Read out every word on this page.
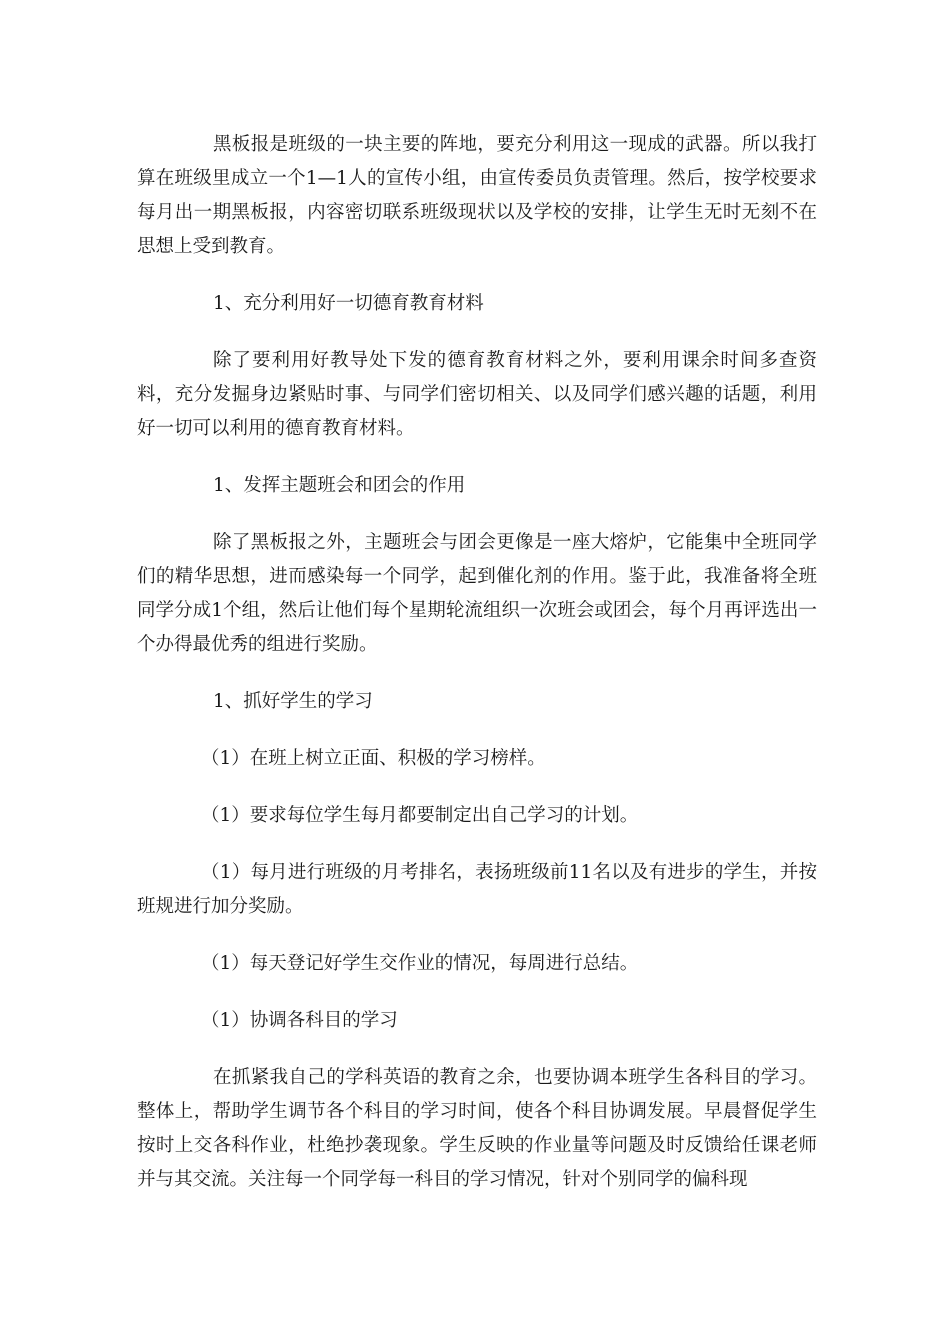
黑板报是班级的一块主要的阵地，要充分利用这一现成的武器。所以我打算在班级里成立一个1—1人的宣传小组，由宣传委员负责管理。然后，按学校要求每月出一期黑板报，内容密切联系班级现状以及学校的安排，让学生无时无刻不在思想上受到教育。

1、充分利用好一切德育教育材料

除了要利用好教导处下发的德育教育材料之外，要利用课余时间多查资料，充分发掘身边紧贴时事、与同学们密切相关、以及同学们感兴趣的话题，利用好一切可以利用的德育教育材料。

1、发挥主题班会和团会的作用

除了黑板报之外，主题班会与团会更像是一座大熔炉，它能集中全班同学们的精华思想，进而感染每一个同学，起到催化剂的作用。鉴于此，我准备将全班同学分成1个组，然后让他们每个星期轮流组织一次班会或团会，每个月再评选出一个办得最优秀的组进行奖励。

1、抓好学生的学习

（1）在班上树立正面、积极的学习榜样。

（1）要求每位学生每月都要制定出自己学习的计划。

（1）每月进行班级的月考排名，表扬班级前11名以及有进步的学生，并按班规进行加分奖励。

（1）每天登记好学生交作业的情况，每周进行总结。

（1）协调各科目的学习

在抓紧我自己的学科英语的教育之余，也要协调本班学生各科目的学习。整体上，帮助学生调节各个科目的学习时间，使各个科目协调发展。早晨督促学生按时上交各科作业，杜绝抄袭现象。学生反映的作业量等问题及时反馈给任课老师并与其交流。关注每一个同学每一科目的学习情况，针对个别同学的偏科现
